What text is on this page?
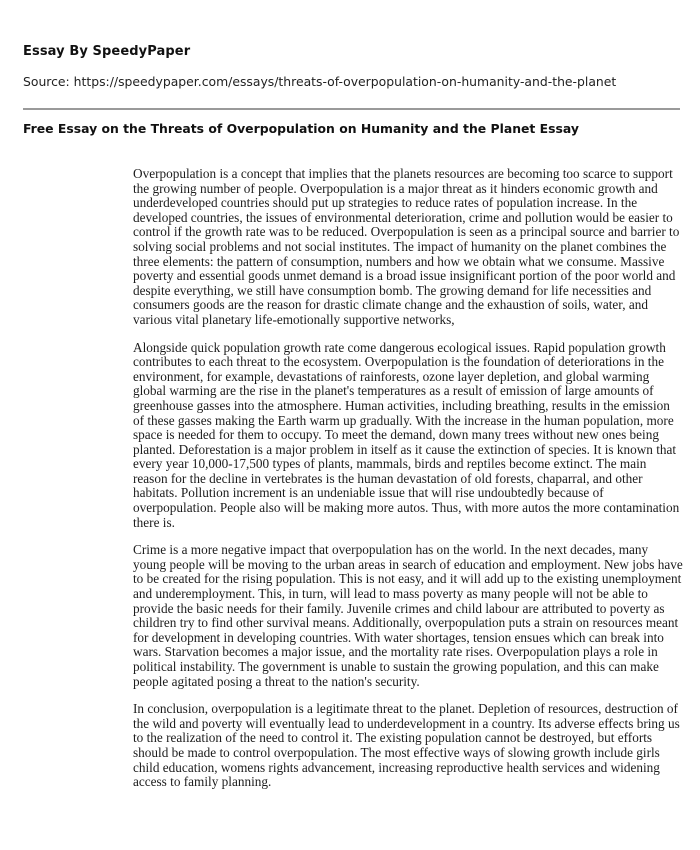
Essay By SpeedyPaper
Source: https://speedypaper.com/essays/threats-of-overpopulation-on-humanity-and-the-planet
Free Essay on the Threats of Overpopulation on Humanity and the Planet Essay

Overpopulation is a concept that implies that the planets resources are becoming too scarce to support the growing number of people. Overpopulation is a major threat as it hinders economic growth and underdeveloped countries should put up strategies to reduce rates of population increase. In the developed countries, the issues of environmental deterioration, crime and pollution would be easier to control if the growth rate was to be reduced. Overpopulation is seen as a principal source and barrier to solving social problems and not social institutes. The impact of humanity on the planet combines the three elements: the pattern of consumption, numbers and how we obtain what we consume. Massive poverty and essential goods unmet demand is a broad issue insignificant portion of the poor world and despite everything, we still have consumption bomb. The growing demand for life necessities and consumers goods are the reason for drastic climate change and the exhaustion of soils, water, and various vital planetary life-emotionally supportive networks,

Alongside quick population growth rate come dangerous ecological issues. Rapid population growth contributes to each threat to the ecosystem. Overpopulation is the foundation of deteriorations in the environment, for example, devastations of rainforests, ozone layer depletion, and global warming global warming are the rise in the planet's temperatures as a result of emission of large amounts of greenhouse gasses into the atmosphere. Human activities, including breathing, results in the emission of these gasses making the Earth warm up gradually. With the increase in the human population, more space is needed for them to occupy. To meet the demand, down many trees without new ones being planted. Deforestation is a major problem in itself as it cause the extinction of species. It is known that every year 10,000-17,500 types of plants, mammals, birds and reptiles become extinct. The main reason for the decline in vertebrates is the human devastation of old forests, chaparral, and other habitats. Pollution increment is an undeniable issue that will rise undoubtedly because of overpopulation. People also will be making more autos. Thus, with more autos the more contamination there is.

Crime is a more negative impact that overpopulation has on the world. In the next decades, many young people will be moving to the urban areas in search of education and employment. New jobs have to be created for the rising population. This is not easy, and it will add up to the existing unemployment and underemployment. This, in turn, will lead to mass poverty as many people will not be able to provide the basic needs for their family. Juvenile crimes and child labour are attributed to poverty as children try to find other survival means. Additionally, overpopulation puts a strain on resources meant for development in developing countries. With water shortages, tension ensues which can break into wars. Starvation becomes a major issue, and the mortality rate rises. Overpopulation plays a role in political instability. The government is unable to sustain the growing population, and this can make people agitated posing a threat to the nation's security.

In conclusion, overpopulation is a legitimate threat to the planet. Depletion of resources, destruction of the wild and poverty will eventually lead to underdevelopment in a country. Its adverse effects bring us to the realization of the need to control it. The existing population cannot be destroyed, but efforts should be made to control overpopulation. The most effective ways of slowing growth include girls child education, womens rights advancement, increasing reproductive health services and widening access to family planning.
